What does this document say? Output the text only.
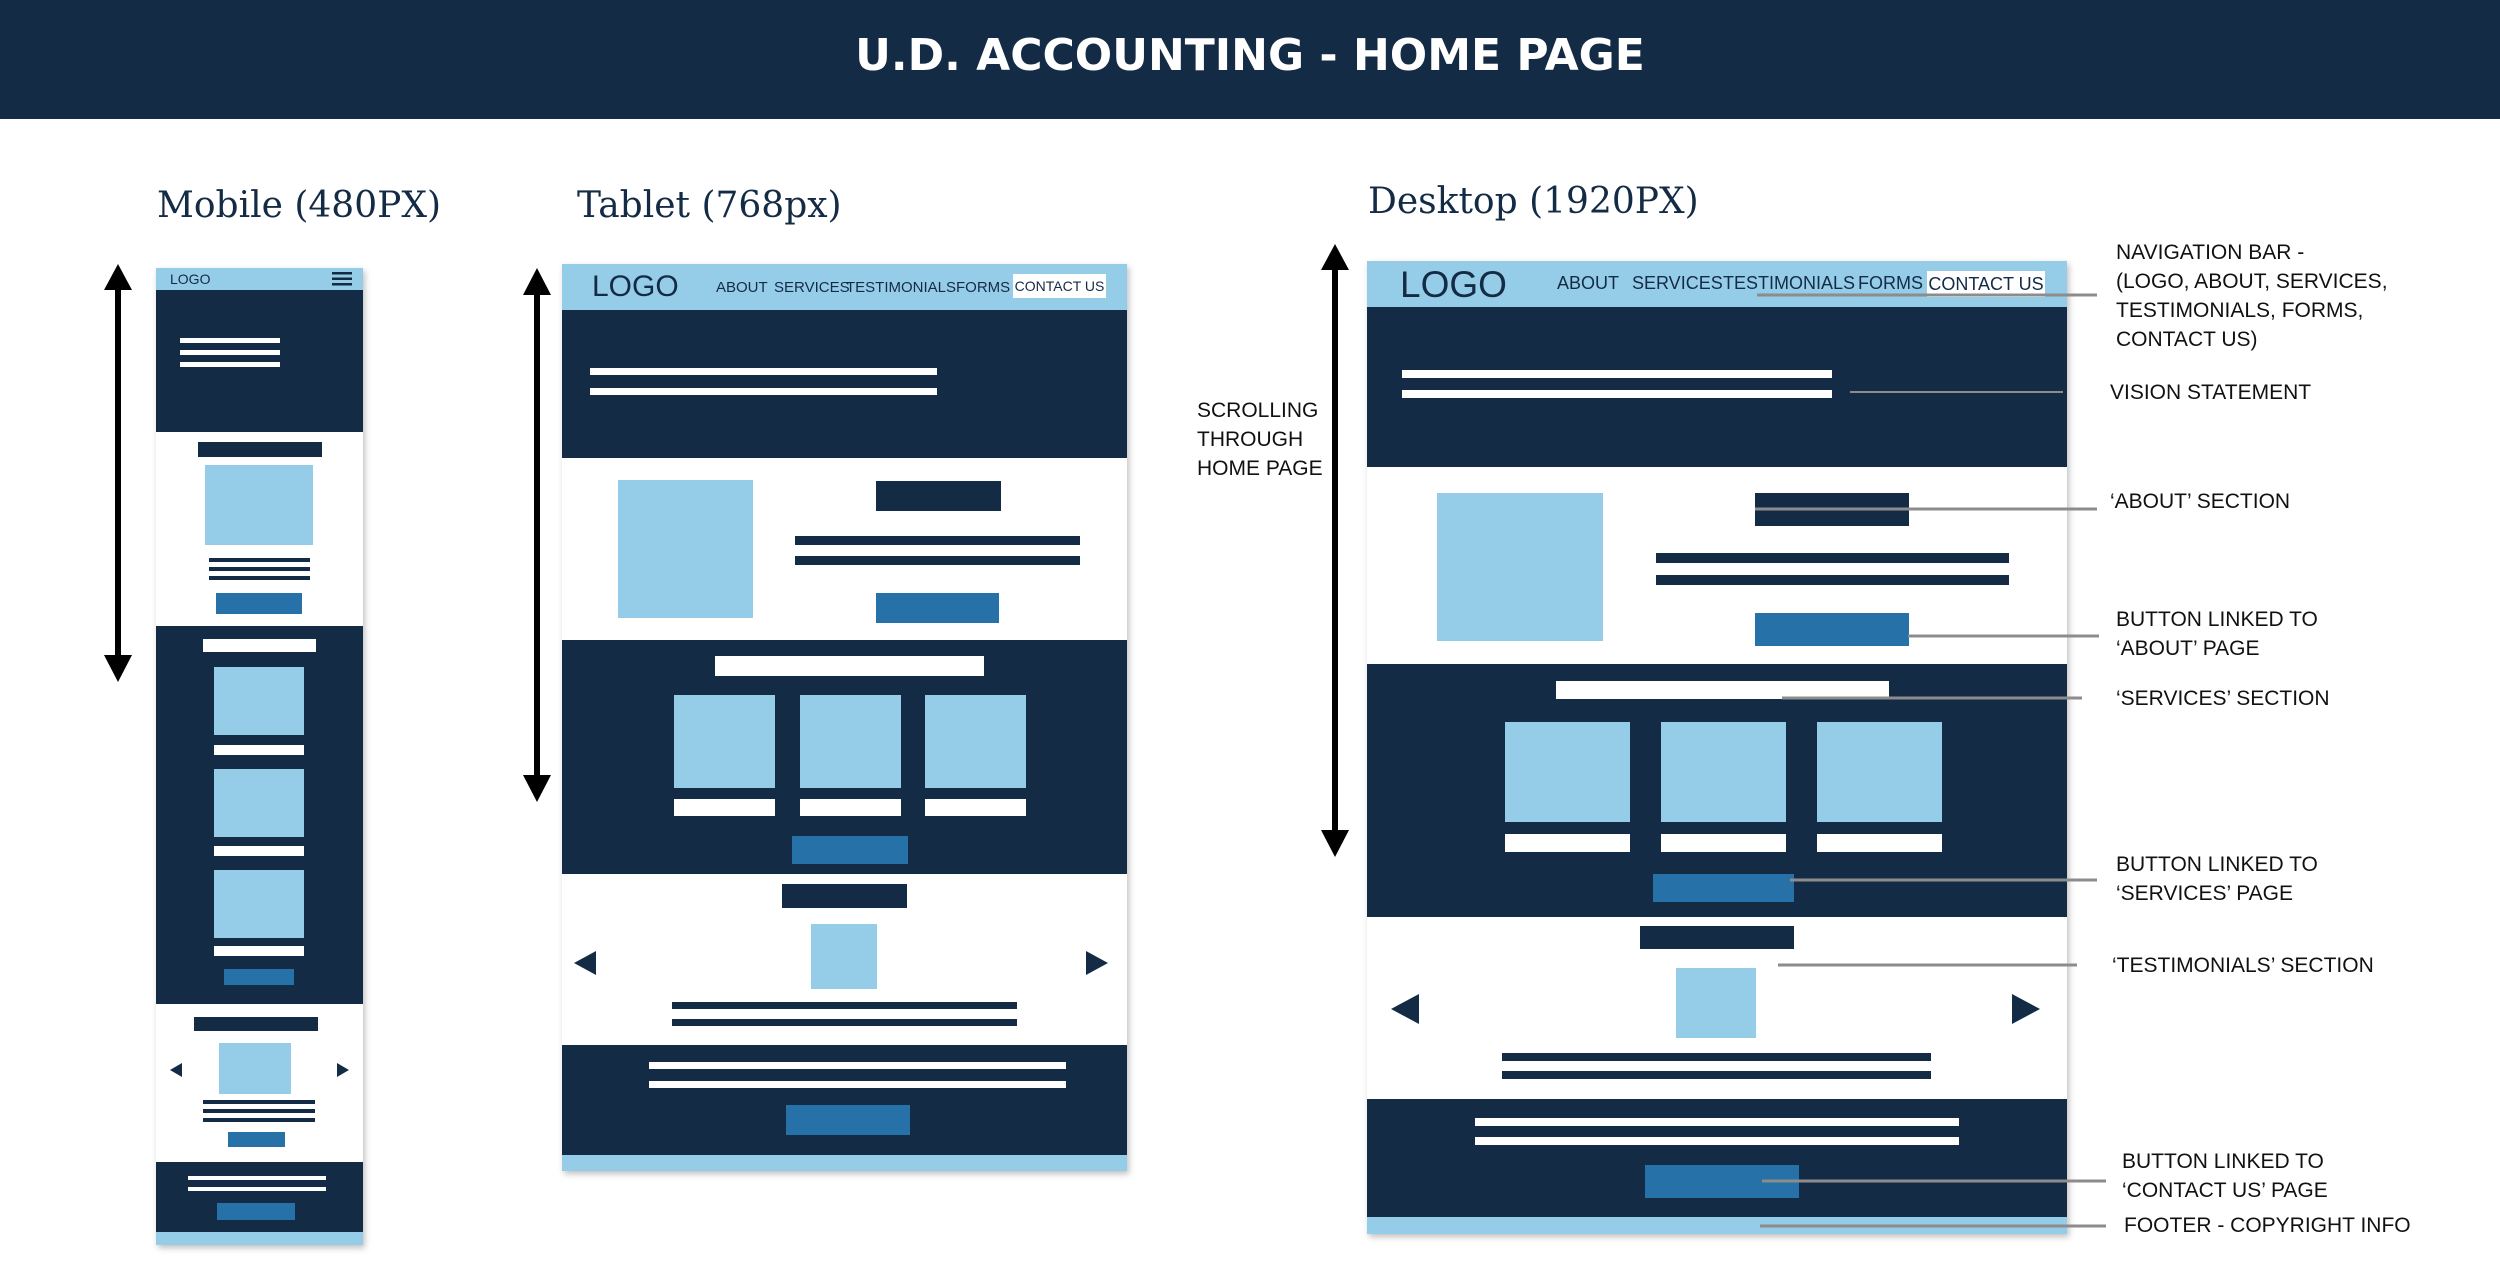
U.D. ACCOUNTING - HOME PAGE
Mobile (480PX)	Tablet (768px)	Desktop (1920PX)
SCROLLING
THROUGH
HOME PAGE
LOGO	LOGO ABOUT SERVICES
TESTIMONIALS FORMS CONTACT US	LOGO	ABOUT SERVICES TESTIMONIALS FORMS CONTACT US
NAVIGATION BAR -
(LOGO, ABOUT, SERVICES,
TESTIMONIALS, FORMS,
CONTACT US)
VISION STATEMENT
‘ABOUT’ SECTION
BUTTON LINKED TO
‘ABOUT’ PAGE
‘SERVICES’ SECTION
BUTTON LINKED TO
‘SERVICES’ PAGE
‘TESTIMONIALS’ SECTION
BUTTON LINKED TO
‘CONTACT US’ PAGE
FOOTER - COPYRIGHT INFO
